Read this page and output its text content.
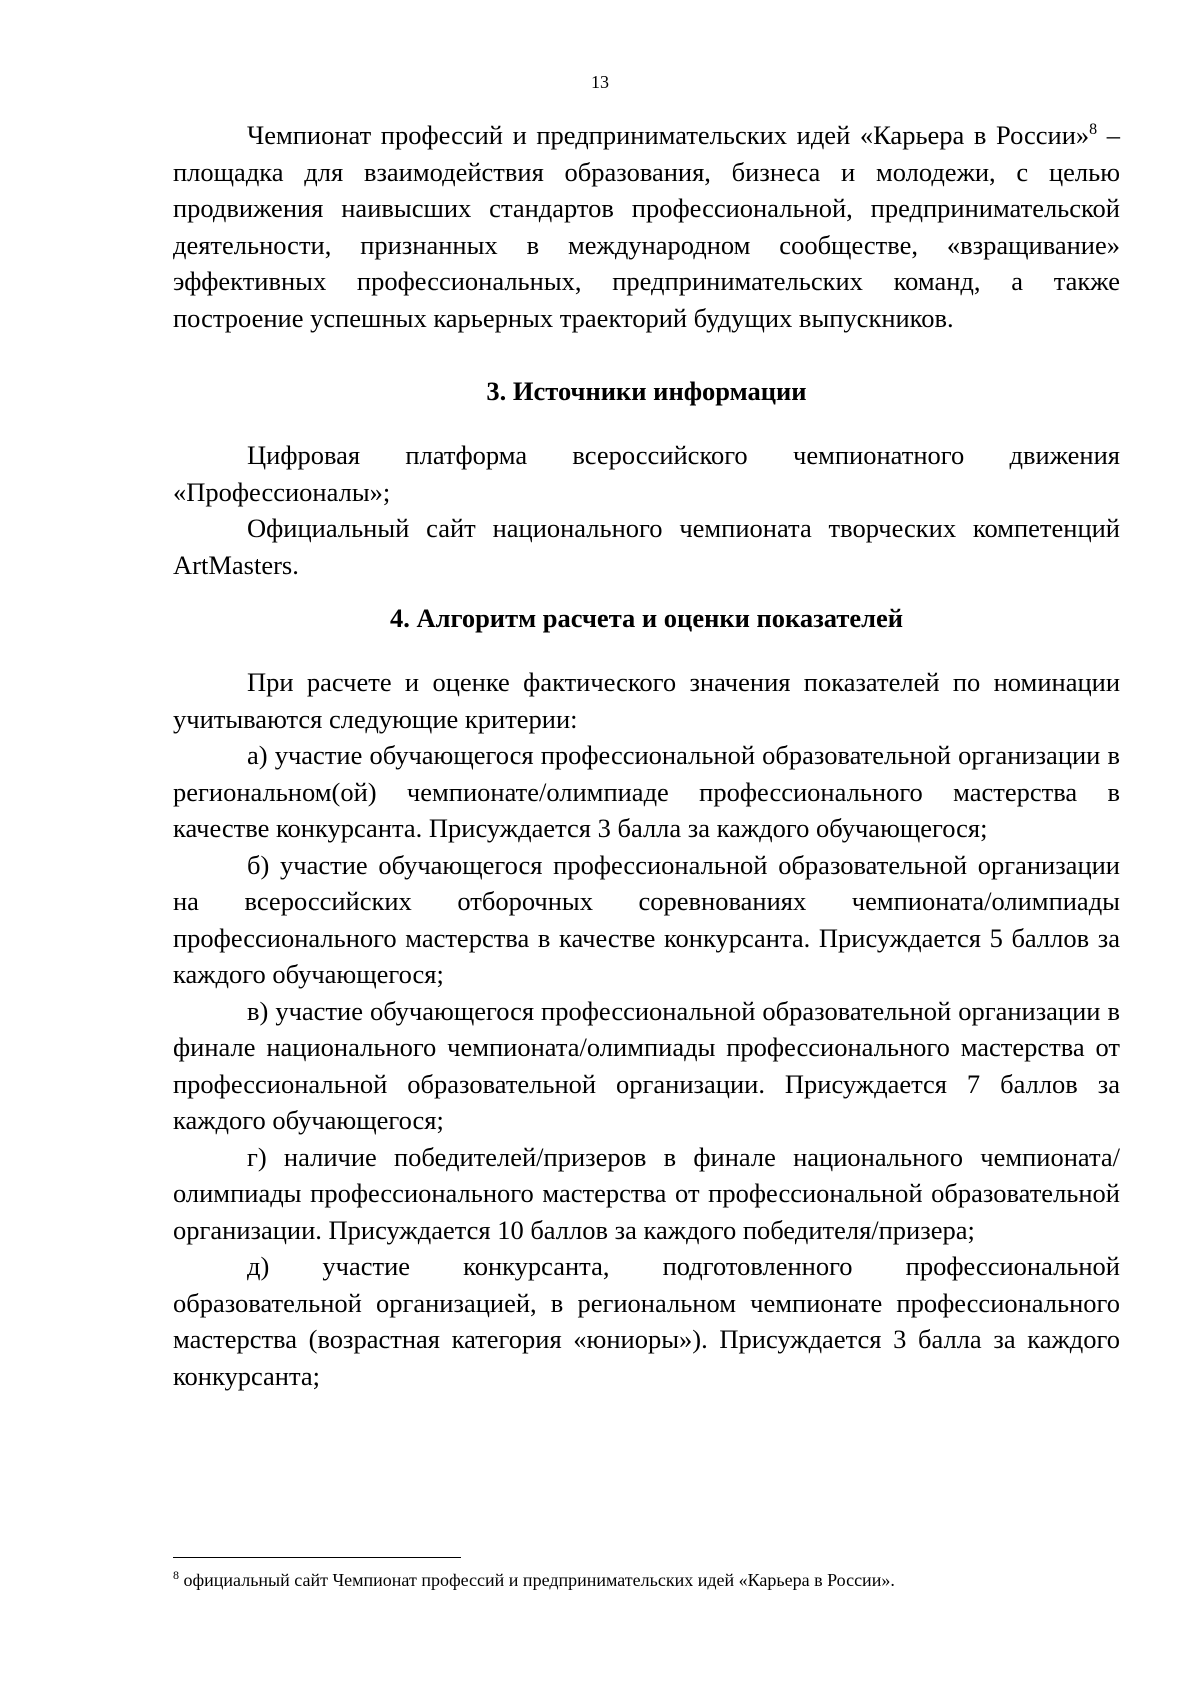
13

Чемпионат профессий и предпринимательских идей «Карьера в России»$^8$ – площадка для взаимодействия образования, бизнеса и молодежи, с целью продвижения наивысших стандартов профессиональной, предпринимательской деятельности, признанных в международном сообществе, «взращивание» эффективных профессиональных, предпринимательских команд, а также построение успешных карьерных траекторий будущих выпускников.

3. Источники информации

Цифровая платформа всероссийского чемпионатного движения «Профессионалы»;

Официальный сайт национального чемпионата творческих компетенций ArtMasters.

4. Алгоритм расчета и оценки показателей

При расчете и оценке фактического значения показателей по номинации учитываются следующие критерии:

а) участие обучающегося профессиональной образовательной организации в региональном(ой) чемпионате/олимпиаде профессионального мастерства в качестве конкурсанта. Присуждается 3 балла за каждого обучающегося;

б) участие обучающегося профессиональной образовательной организации на всероссийских отборочных соревнованиях чемпионата/олимпиады профессионального мастерства в качестве конкурсанта. Присуждается 5 баллов за каждого обучающегося;

в) участие обучающегося профессиональной образовательной организации в финале национального чемпионата/олимпиады профессионального мастерства от профессиональной образовательной организации. Присуждается 7 баллов за каждого обучающегося;

г) наличие победителей/призеров в финале национального чемпионата/олимпиады профессионального мастерства от профессиональной образовательной организации. Присуждается 10 баллов за каждого победителя/призера;

д) участие конкурсанта, подготовленного профессиональной образовательной организацией, в региональном чемпионате профессионального мастерства (возрастная категория «юниоры»). Присуждается 3 балла за каждого конкурсанта;

$^8$ официальный сайт Чемпионат профессий и предпринимательских идей «Карьера в России».
